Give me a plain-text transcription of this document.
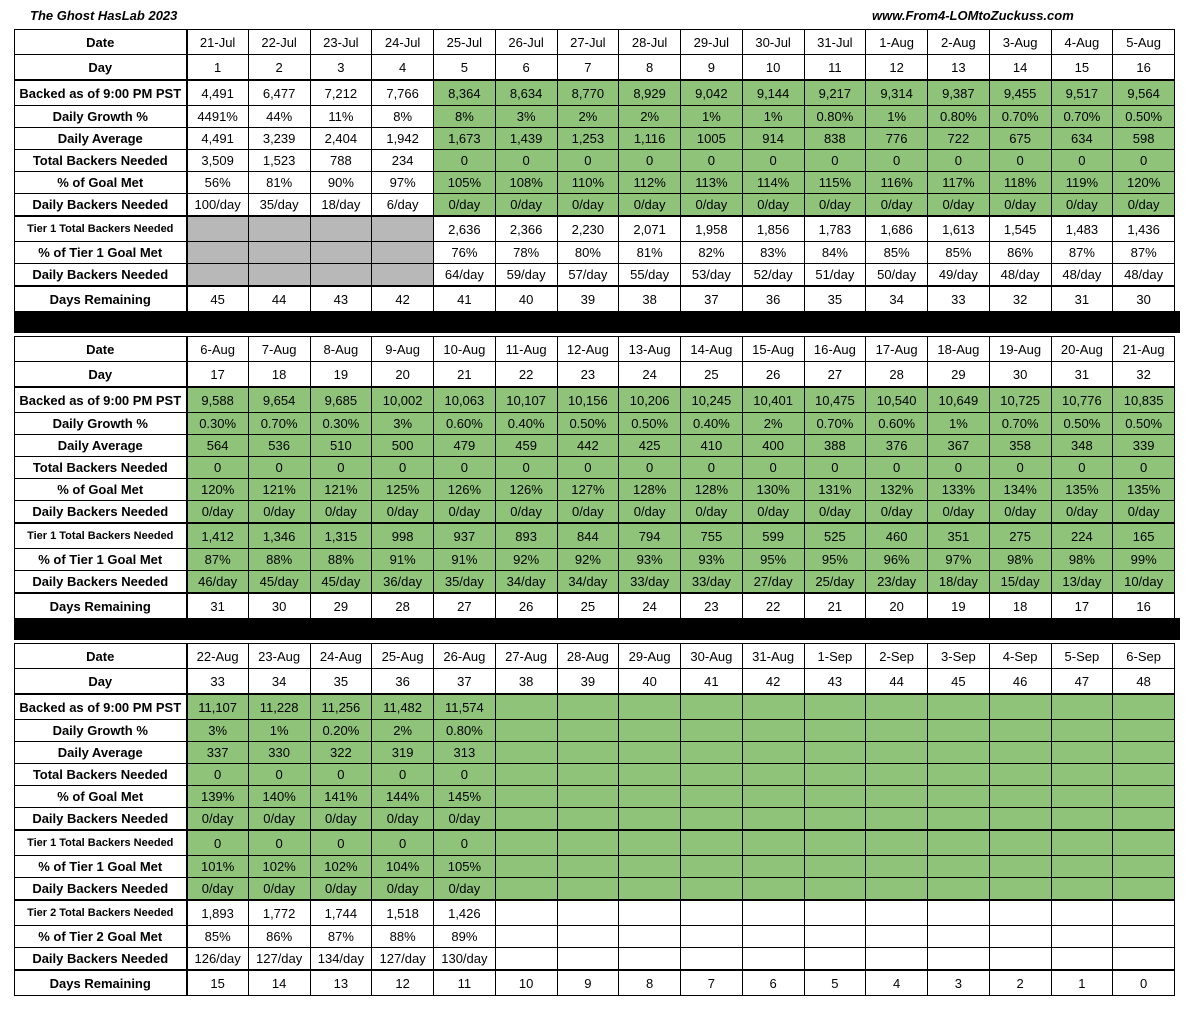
The Ghost HasLab 2023	www.From4-LOMtoZuckuss.com
Date	21-Jul	22-Jul	23-Jul	24-Jul	25-Jul	26-Jul	27-Jul	28-Jul	29-Jul	30-Jul	31-Jul	1-Aug	2-Aug	3-Aug	4-Aug	5-Aug
Day	1	2	3	4	5	6	7	8	9	10	11	12	13	14	15	16
Backed as of 9:00 PM PST	4,491	6,477	7,212	7,766	8,364	8,634	8,770	8,929	9,042	9,144	9,217	9,314	9,387	9,455	9,517	9,564
Daily Growth %	4491%	44%	11%	8%	8%	3%	2%	2%	1%	1%	0.80%	1%	0.80%	0.70%	0.70%	0.50%
Daily Average	4,491	3,239	2,404	1,942	1,673	1,439	1,253	1,116	1005	914	838	776	722	675	634	598
Total Backers Needed	3,509	1,523	788	234	0	0	0	0	0	0	0	0	0	0	0	0
% of Goal Met	56%	81%	90%	97%	105%	108%	110%	112%	113%	114%	115%	116%	117%	118%	119%	120%
Daily Backers Needed	100/day	35/day	18/day	6/day	0/day	0/day	0/day	0/day	0/day	0/day	0/day	0/day	0/day	0/day	0/day	0/day
Tier 1 Total Backers Needed					2,636	2,366	2,230	2,071	1,958	1,856	1,783	1,686	1,613	1,545	1,483	1,436
% of Tier 1 Goal Met					76%	78%	80%	81%	82%	83%	84%	85%	85%	86%	87%	87%
Daily Backers Needed					64/day	59/day	57/day	55/day	53/day	52/day	51/day	50/day	49/day	48/day	48/day	48/day
Days Remaining	45	44	43	42	41	40	39	38	37	36	35	34	33	32	31	30
Date	6-Aug	7-Aug	8-Aug	9-Aug	10-Aug	11-Aug	12-Aug	13-Aug	14-Aug	15-Aug	16-Aug	17-Aug	18-Aug	19-Aug	20-Aug	21-Aug
Day	17	18	19	20	21	22	23	24	25	26	27	28	29	30	31	32
Backed as of 9:00 PM PST	9,588	9,654	9,685	10,002	10,063	10,107	10,156	10,206	10,245	10,401	10,475	10,540	10,649	10,725	10,776	10,835
Daily Growth %	0.30%	0.70%	0.30%	3%	0.60%	0.40%	0.50%	0.50%	0.40%	2%	0.70%	0.60%	1%	0.70%	0.50%	0.50%
Daily Average	564	536	510	500	479	459	442	425	410	400	388	376	367	358	348	339
Total Backers Needed	0	0	0	0	0	0	0	0	0	0	0	0	0	0	0	0
% of Goal Met	120%	121%	121%	125%	126%	126%	127%	128%	128%	130%	131%	132%	133%	134%	135%	135%
Daily Backers Needed	0/day	0/day	0/day	0/day	0/day	0/day	0/day	0/day	0/day	0/day	0/day	0/day	0/day	0/day	0/day	0/day
Tier 1 Total Backers Needed	1,412	1,346	1,315	998	937	893	844	794	755	599	525	460	351	275	224	165
% of Tier 1 Goal Met	87%	88%	88%	91%	91%	92%	92%	93%	93%	95%	95%	96%	97%	98%	98%	99%
Daily Backers Needed	46/day	45/day	45/day	36/day	35/day	34/day	34/day	33/day	33/day	27/day	25/day	23/day	18/day	15/day	13/day	10/day
Days Remaining	31	30	29	28	27	26	25	24	23	22	21	20	19	18	17	16
Date	22-Aug	23-Aug	24-Aug	25-Aug	26-Aug	27-Aug	28-Aug	29-Aug	30-Aug	31-Aug	1-Sep	2-Sep	3-Sep	4-Sep	5-Sep	6-Sep
Day	33	34	35	36	37	38	39	40	41	42	43	44	45	46	47	48
Backed as of 9:00 PM PST	11,107	11,228	11,256	11,482	11,574											
Daily Growth %	3%	1%	0.20%	2%	0.80%											
Daily Average	337	330	322	319	313											
Total Backers Needed	0	0	0	0	0											
% of Goal Met	139%	140%	141%	144%	145%											
Daily Backers Needed	0/day	0/day	0/day	0/day	0/day											
Tier 1 Total Backers Needed	0	0	0	0	0											
% of Tier 1 Goal Met	101%	102%	102%	104%	105%											
Daily Backers Needed	0/day	0/day	0/day	0/day	0/day											
Tier 2 Total Backers Needed	1,893	1,772	1,744	1,518	1,426											
% of Tier 2 Goal Met	85%	86%	87%	88%	89%											
Daily Backers Needed	126/day	127/day	134/day	127/day	130/day											
Days Remaining	15	14	13	12	11	10	9	8	7	6	5	4	3	2	1	0
